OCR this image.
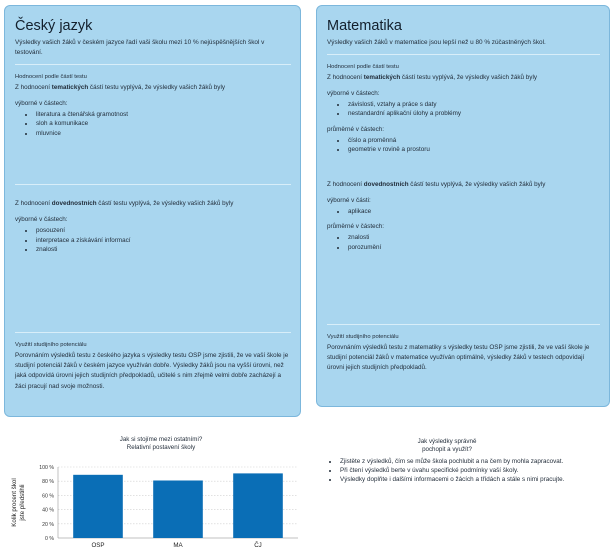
Český jazyk

Výsledky vašich žáků v českém jazyce řadí vaši školu mezi 10 % nejúspěšnějších škol v testování.

Hodnocení podle částí testu

Z hodnocení tematických částí testu vyplývá, že výsledky vašich žáků byly

výborné v částech:
• literatura a čtenářská gramotnost
• sloh a komunikace
• mluvnice

Z hodnocení dovednostních částí testu vyplývá, že výsledky vašich žáků byly

výborné v částech:
• posouzení
• interpretace a získávání informací
• znalosti
Využití studijního potenciálu

Porovnáním výsledků testu z českého jazyka s výsledky testu OSP jsme zjistili, že ve vaší škole je studijní potenciál žáků v českém jazyce využíván dobře. Výsledky žáků jsou na vyšší úrovni, než jaká odpovídá úrovni jejich studijních předpokladů, učitelé s nim zřejmě velmi dobře zacházejí a žáci pracují nad svoje možnosti.

Matematika

Výsledky vašich žáků v matematice jsou lepší než u 80 % zúčastněných škol.

Hodnocení podle částí testu

Z hodnocení tematických částí testu vyplývá, že výsledky vašich žáků byly

výborné v částech:
• závislosti, vztahy a práce s daty
• nestandardní aplikační úlohy a problémy
průměrné v částech:
• číslo a proměnná
• geometrie v rovině a prostoru

Z hodnocení dovednostních částí testu vyplývá, že výsledky vašich žáků byly

výborné v části:
• aplikace
průměrné v částech:
• znalosti
• porozumění
Využití studijního potenciálu

Porovnáním výsledků testu z matematiky s výsledky testu OSP jsme zjistili, že ve vaší škole je studijní potenciál žáků v matematice využíván optimálně, výsledky žáků v testech odpovídají úrovni jejich studijních předpokladů.

Jak si stojíme mezi ostatními?
Relativní postavení školy
0 %
20 %
40 %
60 %
80 %
100 %
OSP	MA	ČJ
Kolik procent škol jste předstihli
Jak výsledky správně
pochopit a využít?
• Zjistěte z výsledků, čím se může škola pochlubit a na čem by mohla zapracovat.
• Při čtení výsledků berte v úvahu specifické podmínky vaší školy.
• Výsledky doplňte i dalšími informacemi o žácích a třídách a stále s nimi pracujte.
